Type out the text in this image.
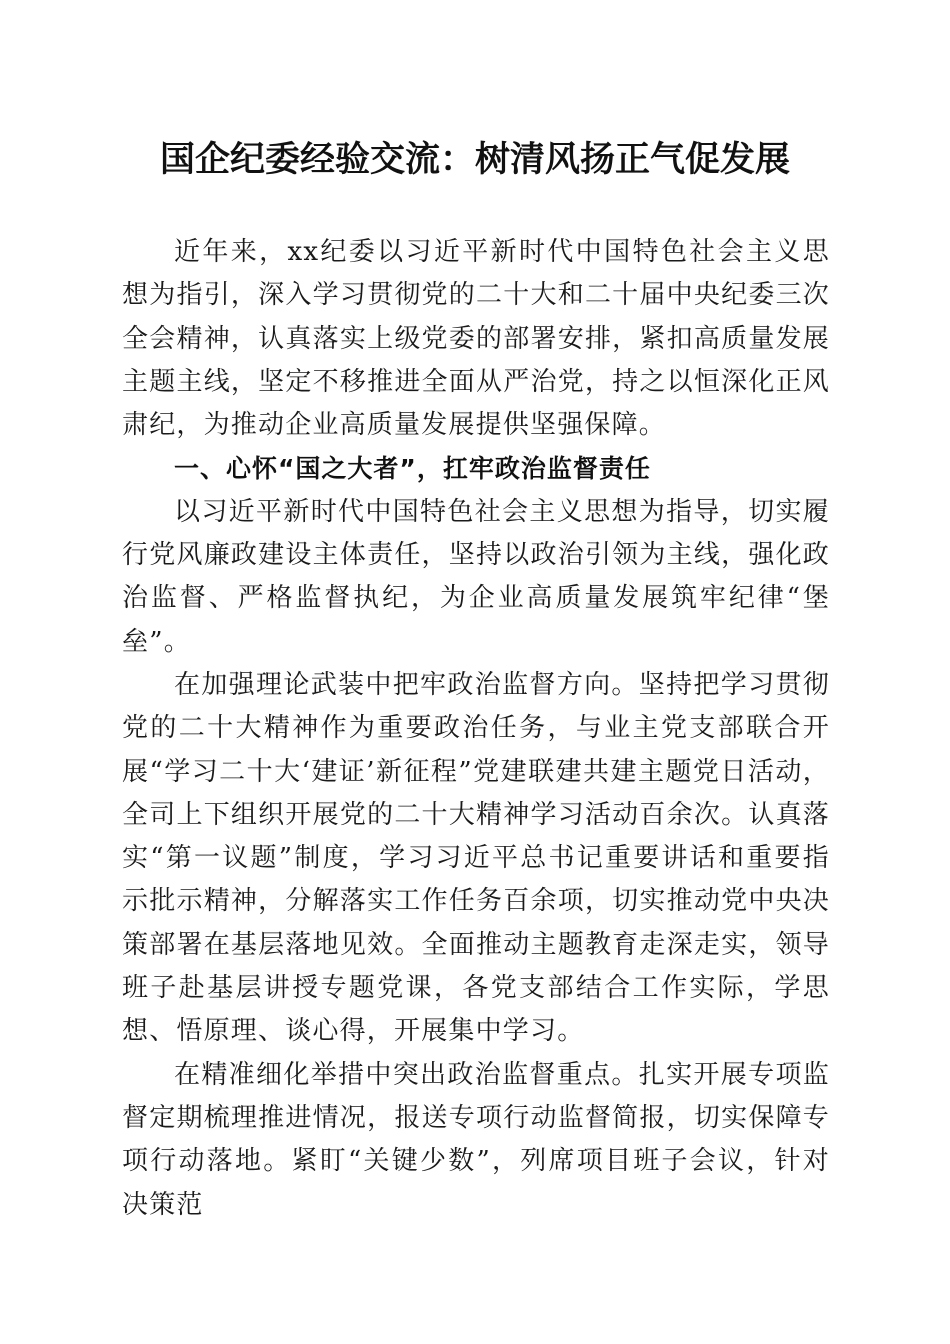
国企纪委经验交流：树清风扬正气促发展

近年来，xx纪委以习近平新时代中国特色社会主义思想为指引，深入学习贯彻党的二十大和二十届中央纪委三次全会精神，认真落实上级党委的部署安排，紧扣高质量发展主题主线，坚定不移推进全面从严治党，持之以恒深化正风肃纪，为推动企业高质量发展提供坚强保障。

一、心怀“国之大者”，扛牢政治监督责任

以习近平新时代中国特色社会主义思想为指导，切实履行党风廉政建设主体责任，坚持以政治引领为主线，强化政治监督、严格监督执纪，为企业高质量发展筑牢纪律“堡垒”。

在加强理论武装中把牢政治监督方向。坚持把学习贯彻党的二十大精神作为重要政治任务，与业主党支部联合开展“学习二十大‘建证’新征程”党建联建共建主题党日活动，全司上下组织开展党的二十大精神学习活动百余次。认真落实“第一议题”制度，学习习近平总书记重要讲话和重要指示批示精神，分解落实工作任务百余项，切实推动党中央决策部署在基层落地见效。全面推动主题教育走深走实，领导班子赴基层讲授专题党课，各党支部结合工作实际，学思想、悟原理、谈心得，开展集中学习。

在精准细化举措中突出政治监督重点。扎实开展专项监督定期梳理推进情况，报送专项行动监督简报，切实保障专项行动落地。紧盯“关键少数”，列席项目班子会议，针对决策范
